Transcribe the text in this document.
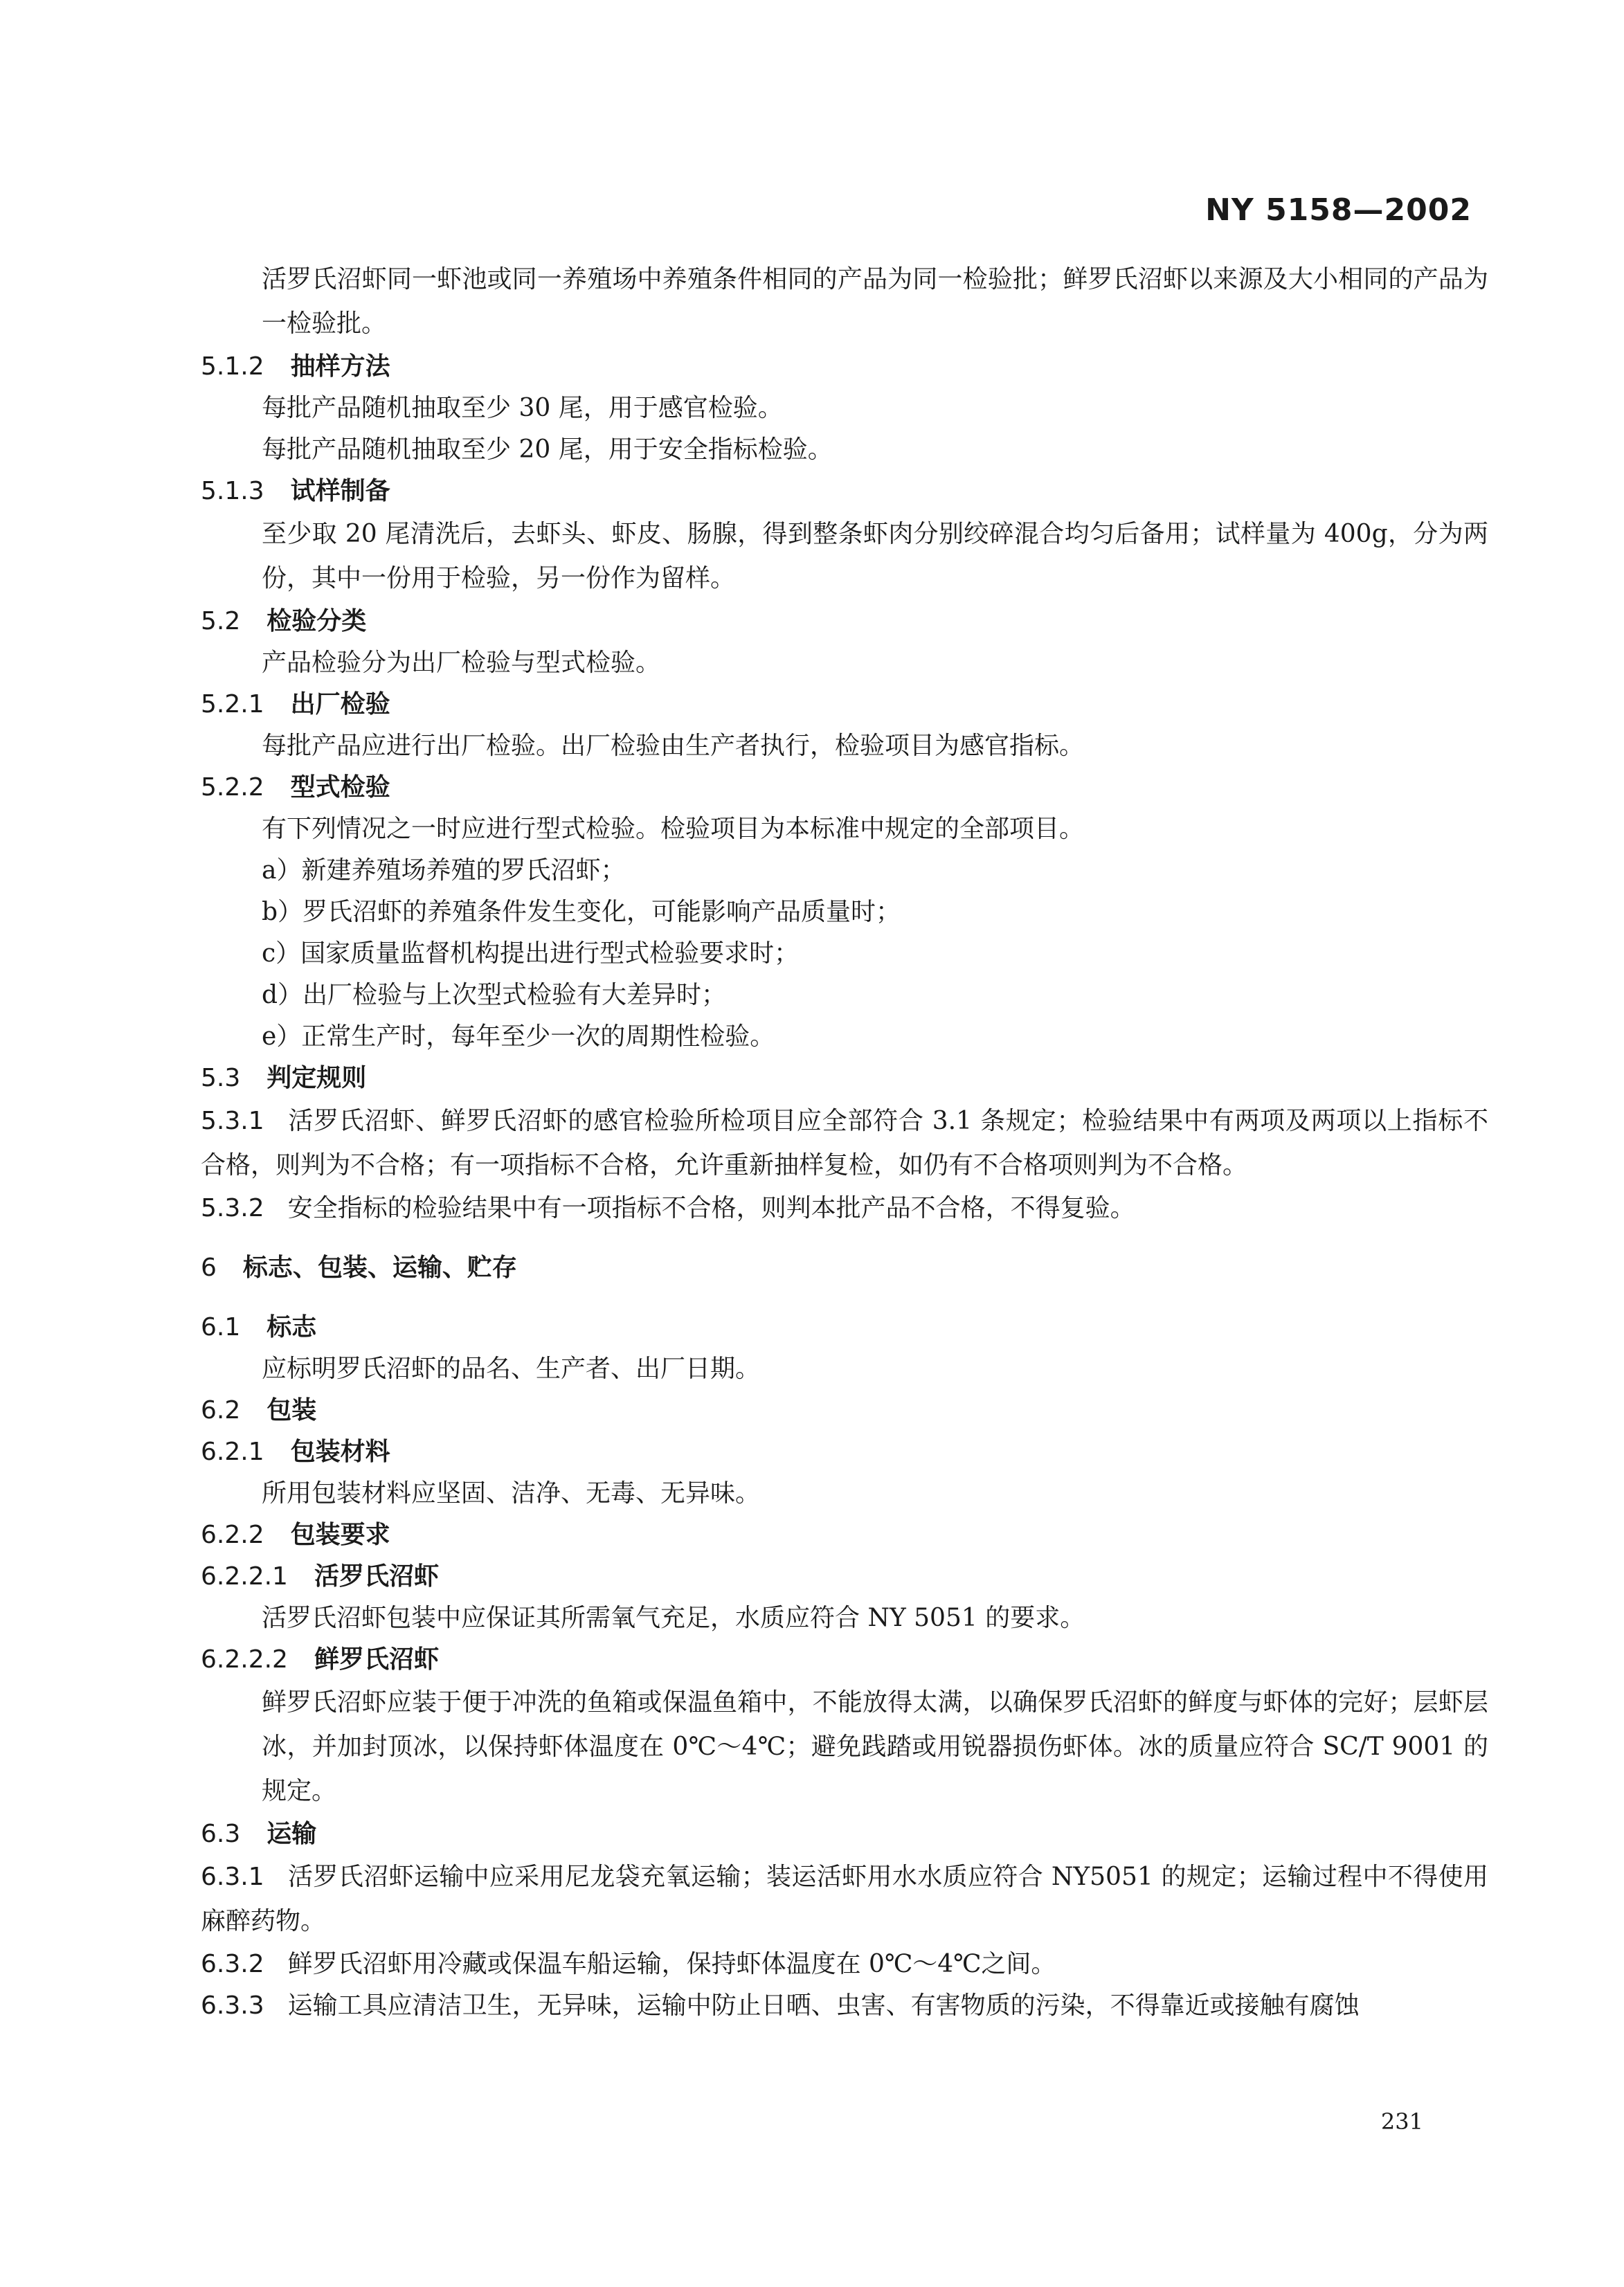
NY 5158—2002
活罗氏沼虾同一虾池或同一养殖场中养殖条件相同的产品为同一检验批；鲜罗氏沼虾以来源及大小相同的产品为一检验批。
5.1.2 抽样方法
每批产品随机抽取至少 30 尾，用于感官检验。
每批产品随机抽取至少 20 尾，用于安全指标检验。
5.1.3 试样制备
至少取 20 尾清洗后，去虾头、虾皮、肠腺，得到整条虾肉分别绞碎混合均匀后备用；试样量为 400g，分为两份，其中一份用于检验，另一份作为留样。
5.2 检验分类
产品检验分为出厂检验与型式检验。
5.2.1 出厂检验
每批产品应进行出厂检验。出厂检验由生产者执行，检验项目为感官指标。
5.2.2 型式检验
有下列情况之一时应进行型式检验。检验项目为本标准中规定的全部项目。
a）新建养殖场养殖的罗氏沼虾；
b）罗氏沼虾的养殖条件发生变化，可能影响产品质量时；
c）国家质量监督机构提出进行型式检验要求时；
d）出厂检验与上次型式检验有大差异时；
e）正常生产时，每年至少一次的周期性检验。
5.3 判定规则
5.3.1 活罗氏沼虾、鲜罗氏沼虾的感官检验所检项目应全部符合 3.1 条规定；检验结果中有两项及两项以上指标不合格，则判为不合格；有一项指标不合格，允许重新抽样复检，如仍有不合格项则判为不合格。
5.3.2 安全指标的检验结果中有一项指标不合格，则判本批产品不合格，不得复验。
6 标志、包装、运输、贮存
6.1 标志
应标明罗氏沼虾的品名、生产者、出厂日期。
6.2 包装
6.2.1 包装材料
所用包装材料应坚固、洁净、无毒、无异味。
6.2.2 包装要求
6.2.2.1 活罗氏沼虾
活罗氏沼虾包装中应保证其所需氧气充足，水质应符合 NY 5051 的要求。
6.2.2.2 鲜罗氏沼虾
鲜罗氏沼虾应装于便于冲洗的鱼箱或保温鱼箱中，不能放得太满，以确保罗氏沼虾的鲜度与虾体的完好；层虾层冰，并加封顶冰，以保持虾体温度在 0℃～4℃；避免践踏或用锐器损伤虾体。冰的质量应符合 SC/T 9001 的规定。
6.3 运输
6.3.1 活罗氏沼虾运输中应采用尼龙袋充氧运输；装运活虾用水水质应符合 NY5051 的规定；运输过程中不得使用麻醉药物。
6.3.2 鲜罗氏沼虾用冷藏或保温车船运输，保持虾体温度在 0℃～4℃之间。
6.3.3 运输工具应清洁卫生，无异味，运输中防止日晒、虫害、有害物质的污染，不得靠近或接触有腐蚀
231
